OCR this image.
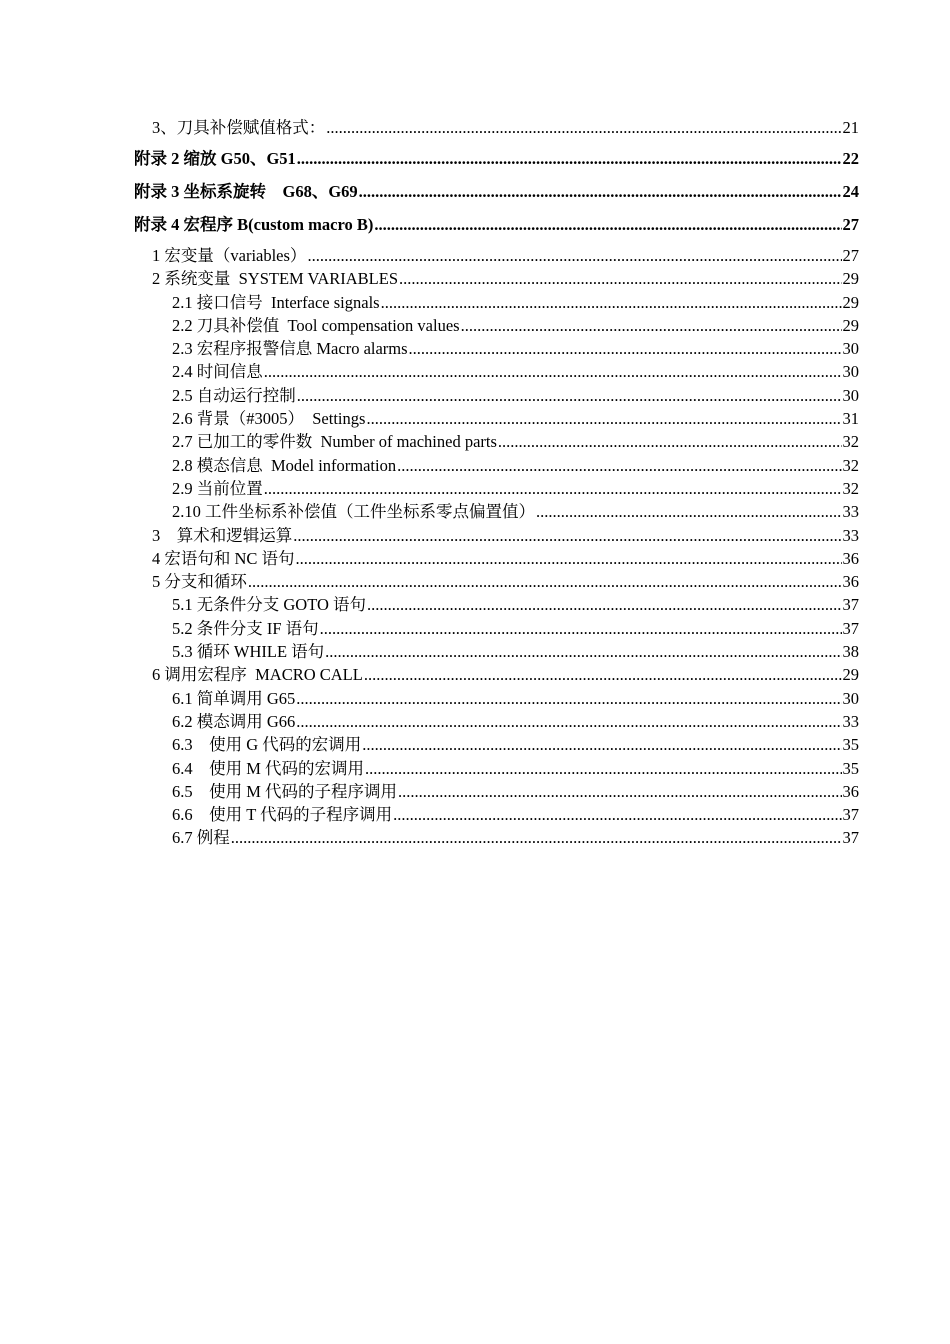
3、刀具补偿赋值格式： .....	21
附录 2 缩放 G50、G51 .....	22
附录 3 坐标系旋转    G68、G69 .....	24
附录 4 宏程序 B(custom macro B) .....	27
1 宏变量（variables） .....	27
2 系统变量  SYSTEM VARIABLES .....	29
2.1 接口信号  Interface signals .....	29
2.2 刀具补偿值  Tool compensation values .....	29
2.3 宏程序报警信息 Macro alarms .....	30
2.4 时间信息 .....	30
2.5 自动运行控制 .....	30
2.6 背景（#3005）  Settings .....	31
2.7 已加工的零件数  Number of machined parts .....	32
2.8 模态信息  Model information .....	32
2.9 当前位置 .....	32
2.10 工件坐标系补偿值（工件坐标系零点偏置值） .....	33
3    算术和逻辑运算 .....	33
4 宏语句和 NC 语句 .....	36
5 分支和循环 .....	36
5.1 无条件分支 GOTO 语句 .....	37
5.2 条件分支 IF 语句 .....	37
5.3 循环 WHILE 语句 .....	38
6 调用宏程序  MACRO CALL .....	29
6.1 简单调用 G65 .....	30
6.2 模态调用 G66 .....	33
6.3    使用 G 代码的宏调用 .....	35
6.4    使用 M 代码的宏调用 .....	35
6.5    使用 M 代码的子程序调用 .....	36
6.6    使用 T 代码的子程序调用 .....	37
6.7 例程 .....	37
